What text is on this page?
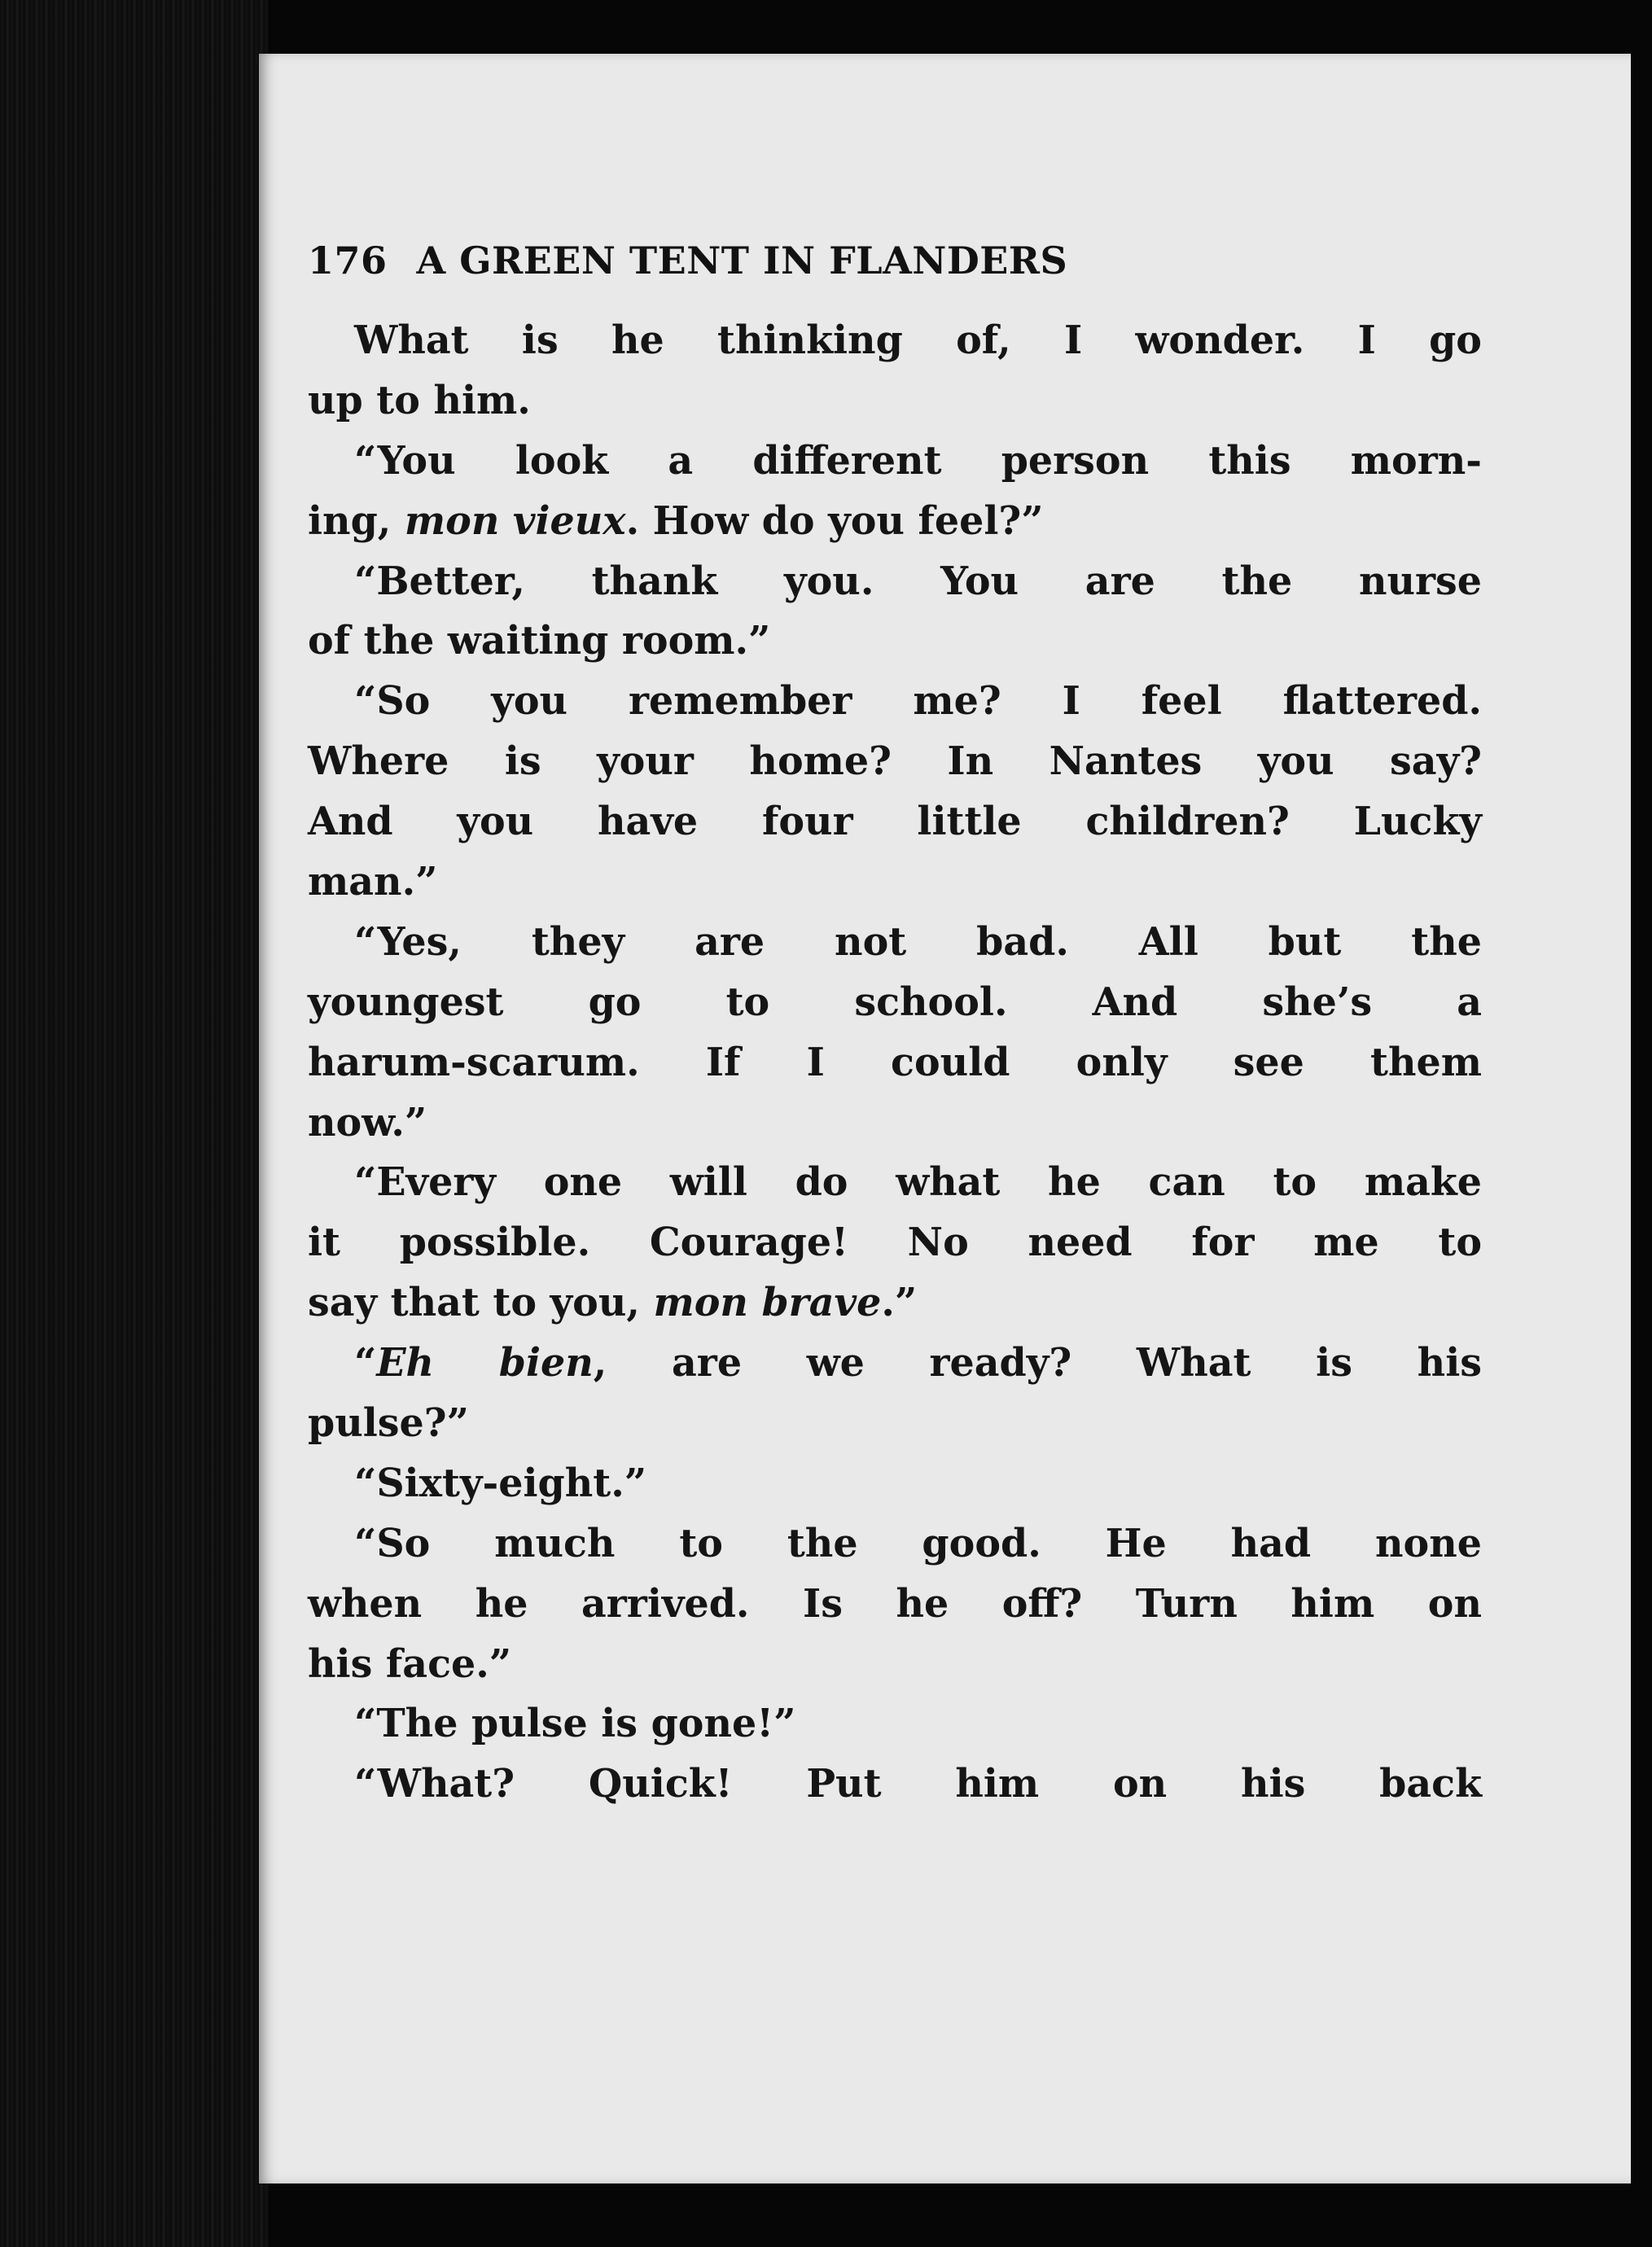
176 A GREEN TENT IN FLANDERS
What is he thinking of, I wonder. I go
up to him.
“You look a different person this morn-
ing, mon vieux. How do you feel?”
“Better, thank you. You are the nurse
of the waiting room.”
“So you remember me? I feel flattered.
Where is your home? In Nantes you say?
And you have four little children? Lucky
man.”
“Yes, they are not bad. All but the
youngest go to school. And she’s a
harum-scarum. If I could only see them
now.”
“Every one will do what he can to make
it possible. Courage! No need for me to
say that to you, mon brave.”
“Eh bien, are we ready? What is his
pulse?”
“Sixty-eight.”
“So much to the good. He had none
when he arrived. Is he off? Turn him on
his face.”
“The pulse is gone!”
“What? Quick! Put him on his back
